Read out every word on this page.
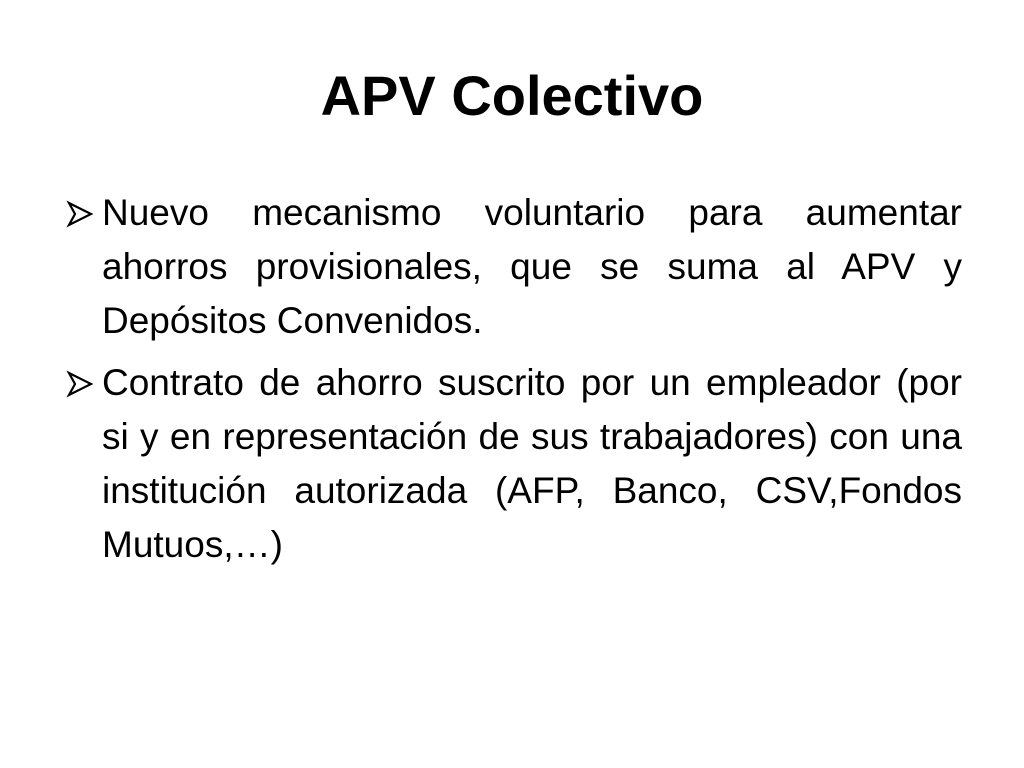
APV Colectivo
Nuevo mecanismo voluntario para aumentar ahorros provisionales, que se suma al APV y Depósitos Convenidos.
Contrato de ahorro suscrito por un empleador (por si y en representación de sus trabajadores) con una institución autorizada (AFP, Banco, CSV,Fondos Mutuos,…)
